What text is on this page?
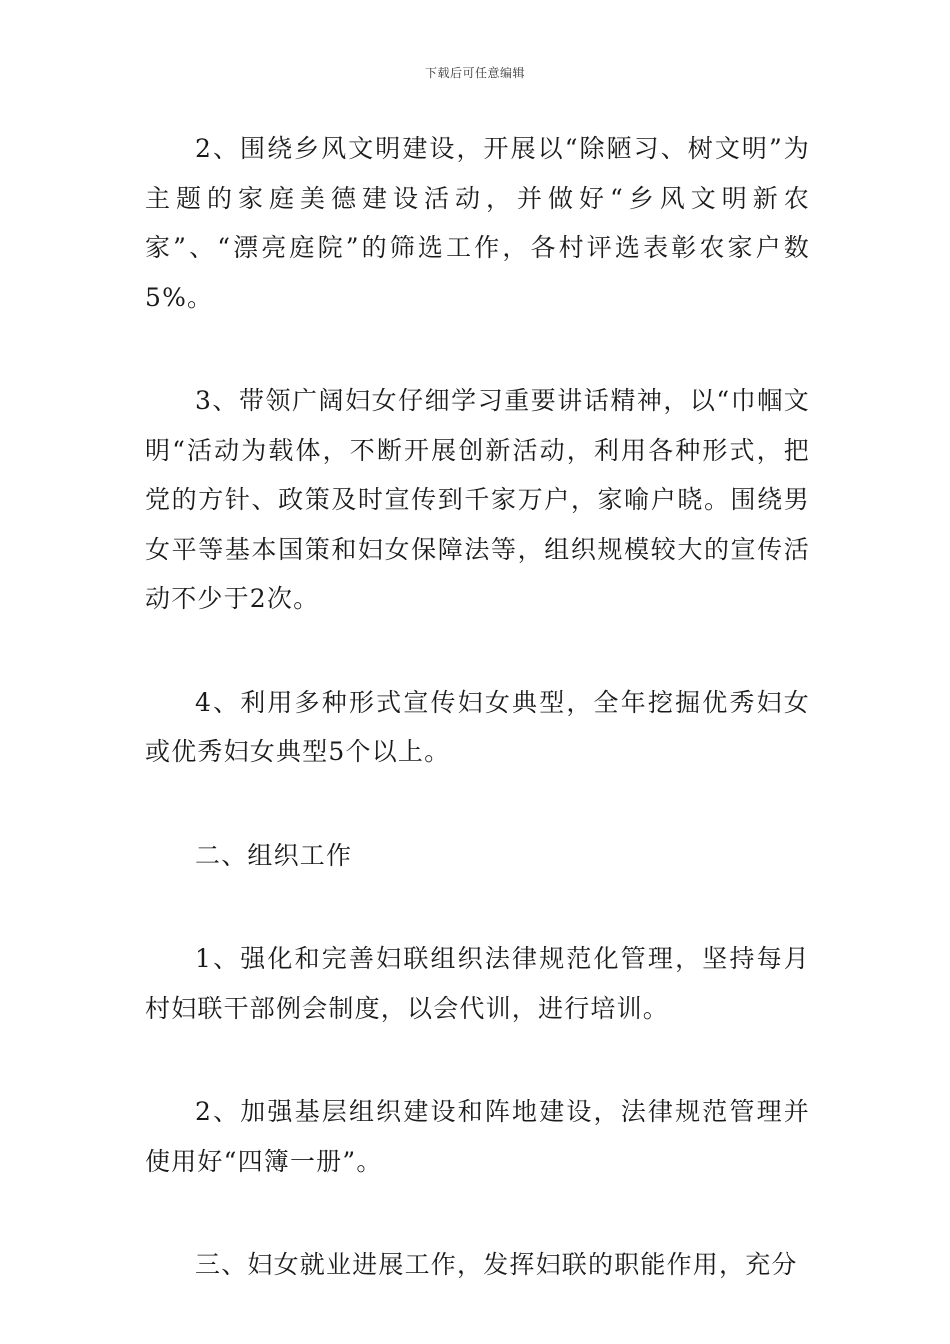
下载后可任意编辑

2、围绕乡风文明建设，开展以“除陋习、树文明”为主题的家庭美德建设活动，并做好“乡风文明新农家”、“漂亮庭院”的筛选工作，各村评选表彰农家户数5%。

3、带领广阔妇女仔细学习重要讲话精神，以“巾帼文明“活动为载体，不断开展创新活动，利用各种形式，把党的方针、政策及时宣传到千家万户，家喻户晓。围绕男女平等基本国策和妇女保障法等，组织规模较大的宣传活动不少于2次。

4、利用多种形式宣传妇女典型，全年挖掘优秀妇女或优秀妇女典型5个以上。

二、组织工作

1、强化和完善妇联组织法律规范化管理，坚持每月村妇联干部例会制度，以会代训，进行培训。

2、加强基层组织建设和阵地建设，法律规范管理并使用好“四簿一册”。

三、妇女就业进展工作，发挥妇联的职能作用，充分
